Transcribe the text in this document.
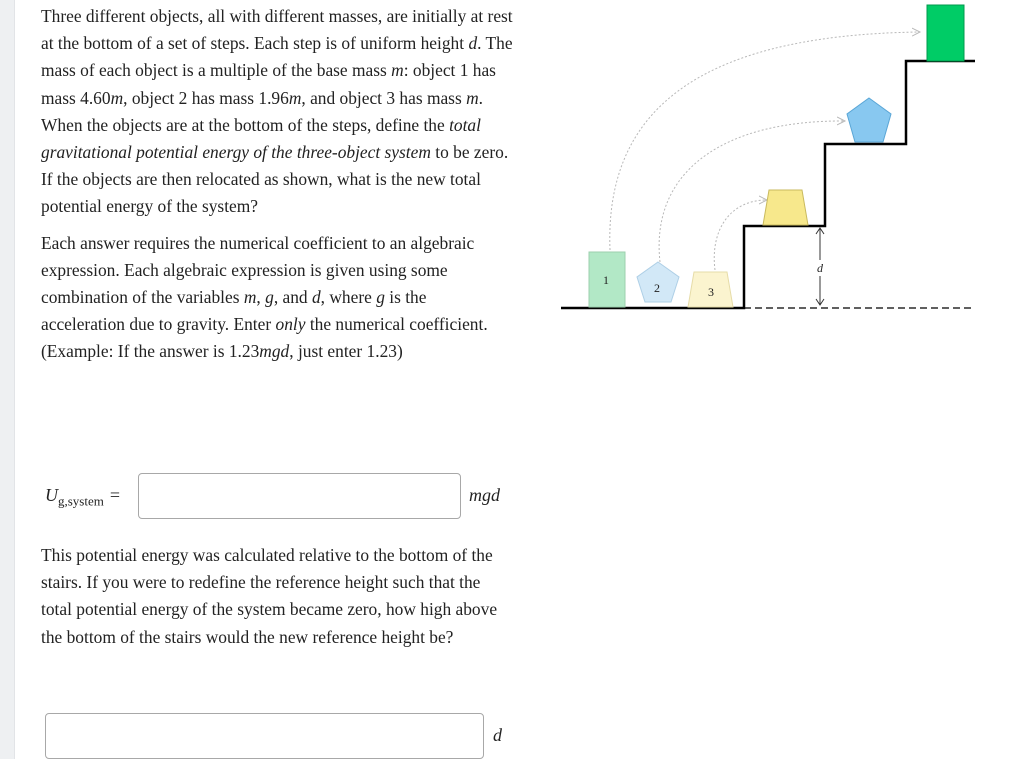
Three different objects, all with different masses, are initially at rest at the bottom of a set of steps. Each step is of uniform height d. The mass of each object is a multiple of the base mass m: object 1 has mass 4.60m, object 2 has mass 1.96m, and object 3 has mass m. When the objects are at the bottom of the steps, define the total gravitational potential energy of the three-object system to be zero. If the objects are then relocated as shown, what is the new total potential energy of the system?

Each answer requires the numerical coefficient to an algebraic expression. Each algebraic expression is given using some combination of the variables m, g, and d, where g is the acceleration due to gravity. Enter only the numerical coefficient. (Example: If the answer is 1.23mgd, just enter 1.23)

$U_{g,system}$ =	mgd
This potential energy was calculated relative to the bottom of the stairs. If you were to redefine the reference height such that the total potential energy of the system became zero, how high above the bottom of the stairs would the new reference height be?
d
d
1
2	3
